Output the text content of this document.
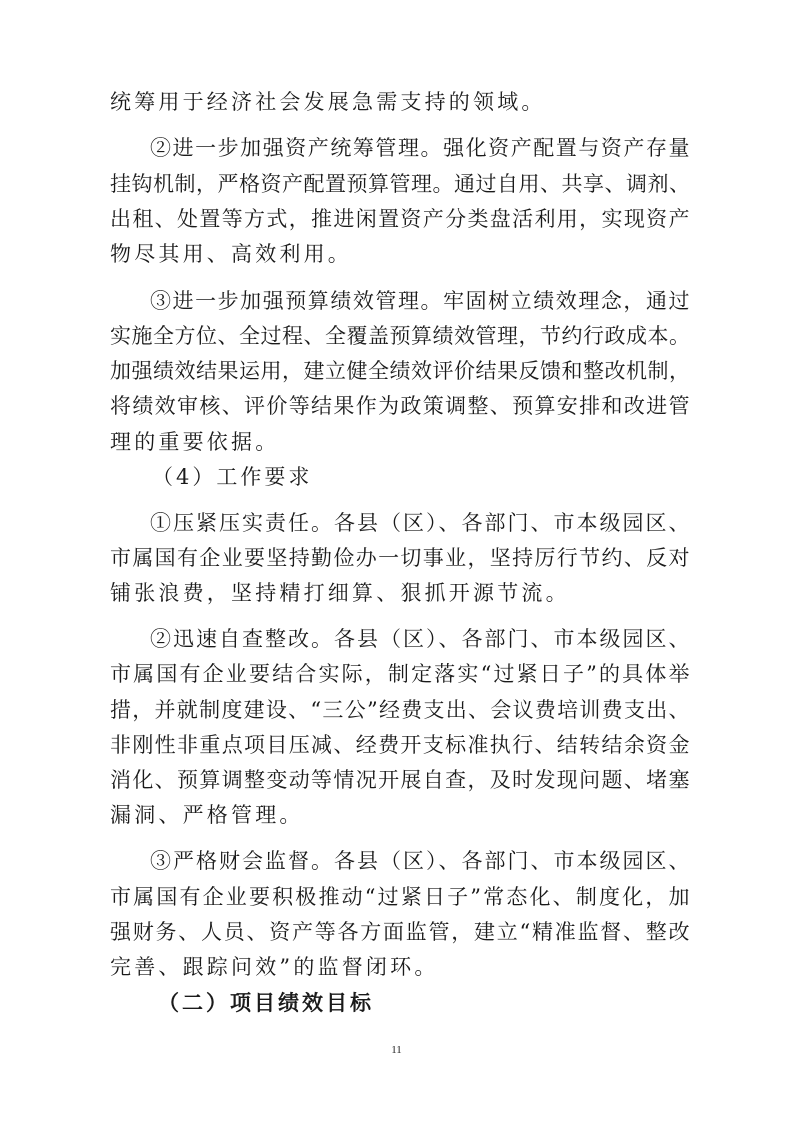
统筹用于经济社会发展急需支持的领域。
②进一步加强资产统筹管理。强化资产配置与资产存量
挂钩机制，严格资产配置预算管理。通过自用、共享、调剂、
出租、处置等方式，推进闲置资产分类盘活利用，实现资产
物尽其用、高效利用。
③进一步加强预算绩效管理。牢固树立绩效理念，通过
实施全方位、全过程、全覆盖预算绩效管理，节约行政成本。
加强绩效结果运用，建立健全绩效评价结果反馈和整改机制，
将绩效审核、评价等结果作为政策调整、预算安排和改进管
理的重要依据。
（4）工作要求
①压紧压实责任。各县（区）、各部门、市本级园区、
市属国有企业要坚持勤俭办一切事业，坚持厉行节约、反对
铺张浪费，坚持精打细算、狠抓开源节流。
②迅速自查整改。各县（区）、各部门、市本级园区、
市属国有企业要结合实际，制定落实“过紧日子”的具体举
措，并就制度建设、“三公”经费支出、会议费培训费支出、
非刚性非重点项目压减、经费开支标准执行、结转结余资金
消化、预算调整变动等情况开展自查，及时发现问题、堵塞
漏洞、严格管理。
③严格财会监督。各县（区）、各部门、市本级园区、
市属国有企业要积极推动“过紧日子”常态化、制度化，加
强财务、人员、资产等各方面监管，建立“精准监督、整改
完善、跟踪问效”的监督闭环。
（二）项目绩效目标
11
